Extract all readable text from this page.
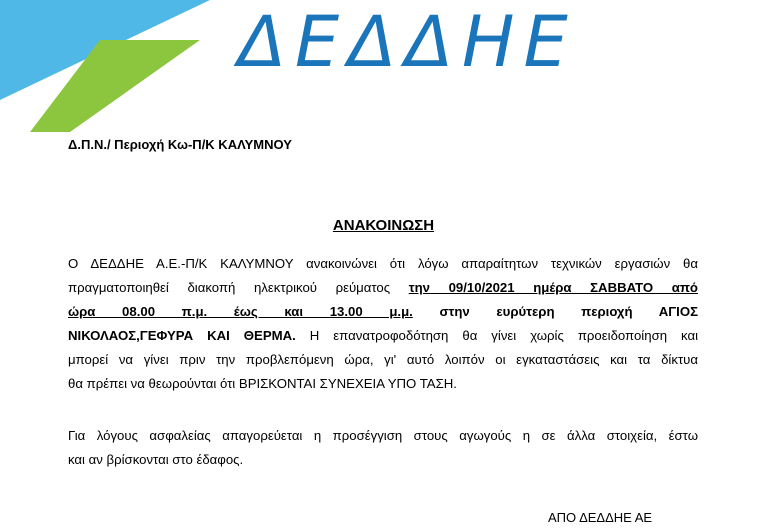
ΔΕΔΔΗΕ
Δ.Π.Ν./ Περιοχή Κω-Π/Κ ΚΑΛΥΜΝΟΥ
ΑΝΑΚΟΙΝΩΣΗ
Ο ΔΕΔΔΗΕ Α.Ε.-Π/Κ ΚΑΛΥΜΝΟΥ ανακοινώνει ότι λόγω απαραίτητων τεχνικών εργασιών θα
πραγματοποιηθεί διακοπή ηλεκτρικού ρεύματος την 09/10/2021 ημέρα ΣΑΒΒΑΤΟ από
ώρα 08.00 π.μ. έως και 13.00 μ.μ. στην ευρύτερη περιοχή ΑΓΙΟΣ
ΝΙΚΟΛΑΟΣ,ΓΕΦΥΡΑ ΚΑΙ ΘΕΡΜΑ. Η επανατροφοδότηση θα γίνει χωρίς προειδοποίηση και
μπορεί να γίνει πριν την προβλεπόμενη ώρα, γι' αυτό λοιπόν οι εγκαταστάσεις και τα δίκτυα
θα πρέπει να θεωρούνται ότι ΒΡΙΣΚΟΝΤΑΙ ΣΥΝΕΧΕΙΑ ΥΠΟ ΤΑΣΗ.
Για λόγους ασφαλείας απαγορεύεται η προσέγγιση στους αγωγούς η σε άλλα στοιχεία, έστω
και αν βρίσκονται στο έδαφος.
ΑΠΟ ΔΕΔΔΗΕ ΑΕ
